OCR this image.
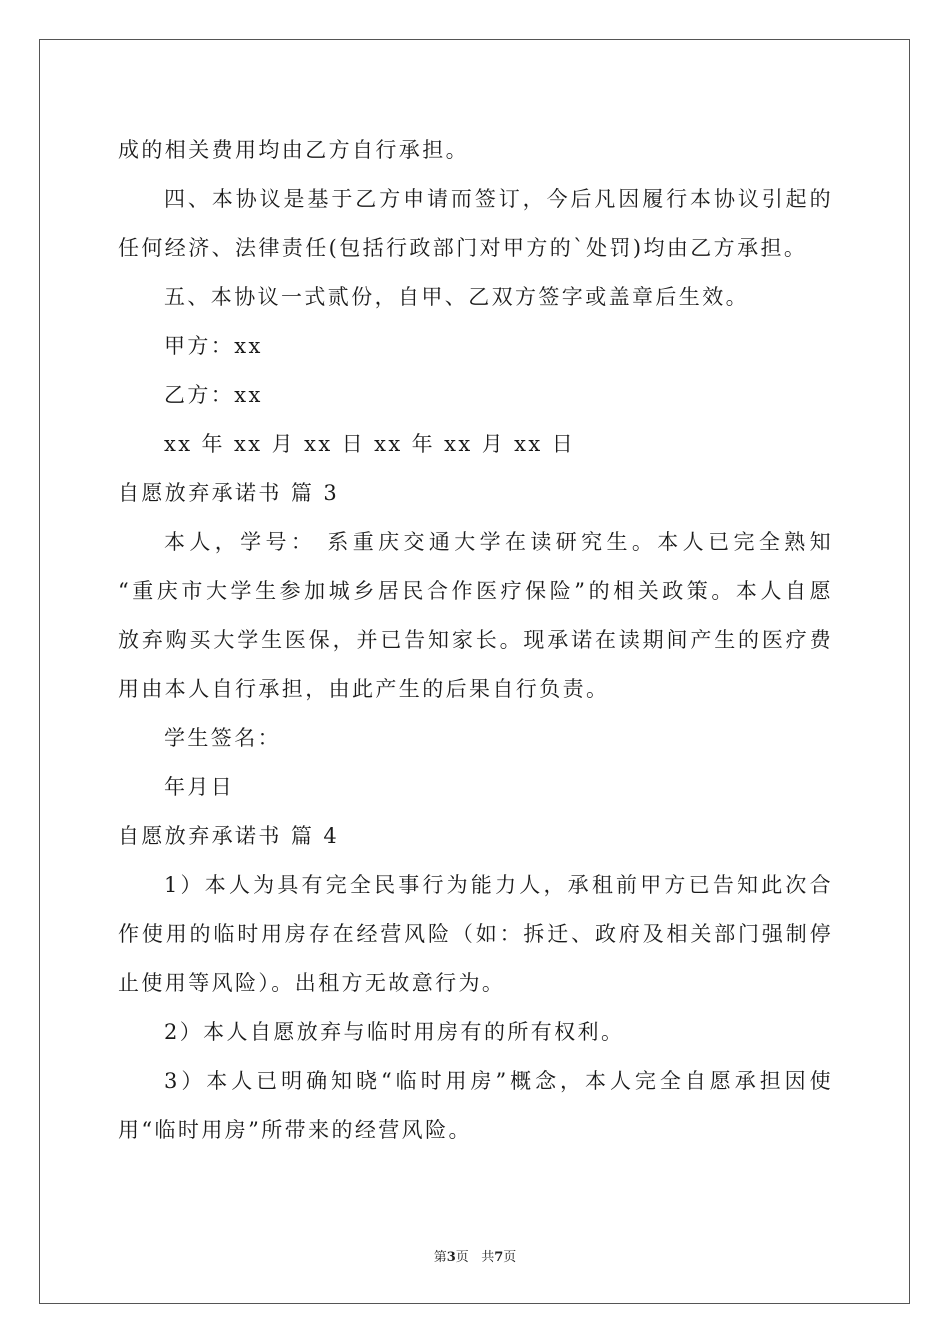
成的相关费用均由乙方自行承担。
四、本协议是基于乙方申请而签订，今后凡因履行本协议引起的
任何经济、法律责任(包括行政部门对甲方的`处罚)均由乙方承担。
五、本协议一式贰份，自甲、乙双方签字或盖章后生效。
甲方：xx
乙方：xx
xx 年 xx 月 xx 日 xx 年 xx 月 xx 日
自愿放弃承诺书 篇 3
本人，学号： 系重庆交通大学在读研究生。本人已完全熟知
“重庆市大学生参加城乡居民合作医疗保险”的相关政策。本人自愿
放弃购买大学生医保，并已告知家长。现承诺在读期间产生的医疗费
用由本人自行承担，由此产生的后果自行负责。
学生签名：
年月日
自愿放弃承诺书 篇 4
1）本人为具有完全民事行为能力人，承租前甲方已告知此次合
作使用的临时用房存在经营风险（如：拆迁、政府及相关部门强制停
止使用等风险）。出租方无故意行为。
2）本人自愿放弃与临时用房有的所有权利。
3）本人已明确知晓“临时用房”概念，本人完全自愿承担因使
用“临时用房”所带来的经营风险。
第3页 共7页
